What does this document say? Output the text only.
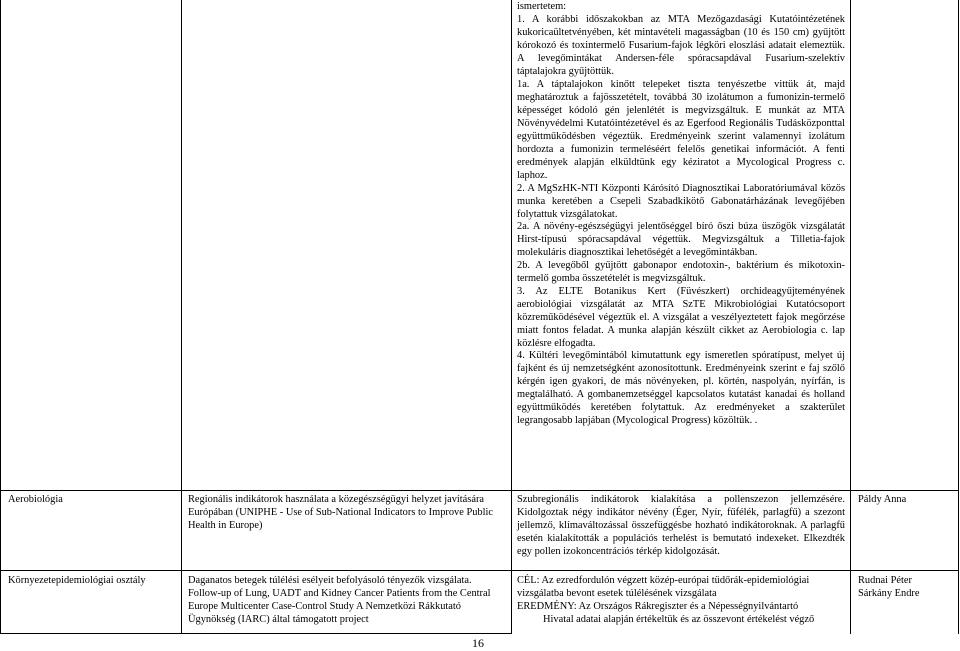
ismertetem:

1. A korábbi időszakokban az MTA Mezőgazdasági Kutatóintézetének kukoricaültetvényében, két mintavételi magasságban (10 és 150 cm) gyűjtött kórokozó és toxintermelő Fusarium-fajok légköri eloszlási adatait elemeztük. A levegőmintákat Andersen-féle spóracsapdával Fusarium-szelektív táptalajokra gyűjtöttük.

1a. A táptalajokon kinőtt telepeket tiszta tenyészetbe vittük át, majd meghatároztuk a fajösszetételt, továbbá 30 izolátumon a fumonizin-termelő képességet kódoló gén jelenlétét is megvizsgáltuk. E munkát az MTA Növényvédelmi Kutatóintézetével és az Egerfood Regionális Tudásközponttal együttműködésben végeztük. Eredményeink szerint valamennyi izolátum hordozta a fumonizin termeléséért felelős genetikai információt. A fenti eredmények alapján elküldtünk egy kéziratot a Mycological Progress c. laphoz.

2. A MgSzHK-NTI Központi Kárósító Diagnosztikai Laboratóriumával közös munka keretében a Csepeli Szabadkikötő Gabonatárházának levegőjében folytattuk vizsgálatokat.

2a. A növény-egészségügyi jelentőséggel bíró őszi búza üszögök vizsgálatát Hirst-típusú spóracsapdával végettük. Megvizsgáltuk a Tilletia-fajok molekuláris diagnosztikai lehetőségét a levegőmintákban.

2b. A levegőből gyűjtött gabonapor endotoxin-, baktérium és mikotoxin-termelő gomba összetételét is megvizsgáltuk.

3. Az ELTE Botanikus Kert (Füvészkert) orchideagyűjteményének aerobiológiai vizsgálatát az MTA SzTE Mikrobiológiai Kutatócsoport közreműködésével végeztük el. A vizsgálat a veszélyeztetett fajok megőrzése miatt fontos feladat. A munka alapján készült cikket az Aerobiologia c. lap közlésre elfogadta.

4. Kültéri levegőmintából kimutattunk egy ismeretlen spóratípust, melyet új fajként és új nemzetségként azonosítottunk. Eredményeink szerint e faj szőlő kérgén igen gyakori, de más növényeken, pl. körtén, naspolyán, nyírfán, is megtalálható. A gombanemzetséggel kapcsolatos kutatást kanadai és holland együttműködés keretében folytattuk. Az eredményeket a szakterület legrangosabb lapjában (Mycological Progress) közöltük. .

Aerobiológia	Regionális indikátorok használata a közegészségügyi helyzet javítására Európában (UNIPHE - Use of Sub-National Indicators to Improve Public Health in Europe)
Szubregionális indikátorok kialakítása a pollenszezon jellemzésére. Kidolgoztak négy indikátor névény (Éger, Nyír, fűfélék, parlagfű) a szezont jellemző, klímaváltozással összefüggésbe hozható indikátoroknak. A parlagfű esetén kialakították a populációs terhelést is bemutató indexeket. Elkezdték egy pollen izokoncentrációs térkép kidolgozását.
Páldy Anna
Környezetepidemiológiai osztály	Daganatos betegek túlélési esélyeit befolyásoló tényezők vizsgálata. Follow-up of Lung, UADT and Kidney Cancer Patients from the Central Europe Multicenter Case-Control Study A Nemzetközi Rákkutató Ügynökség (IARC) által támogatott project

CÉL: Az ezredfordulón végzett közép-európai tüdőrák-epidemiológiai vizsgálatba bevont esetek túlélésének vizsgálata

EREDMÉNY: Az Országos Rákregiszter és a Népességnyilvántartó

Hivatal adatai alapján értékeltük és az összevont értékelést végző

Rudnai Péter

Sárkány Endre

16
